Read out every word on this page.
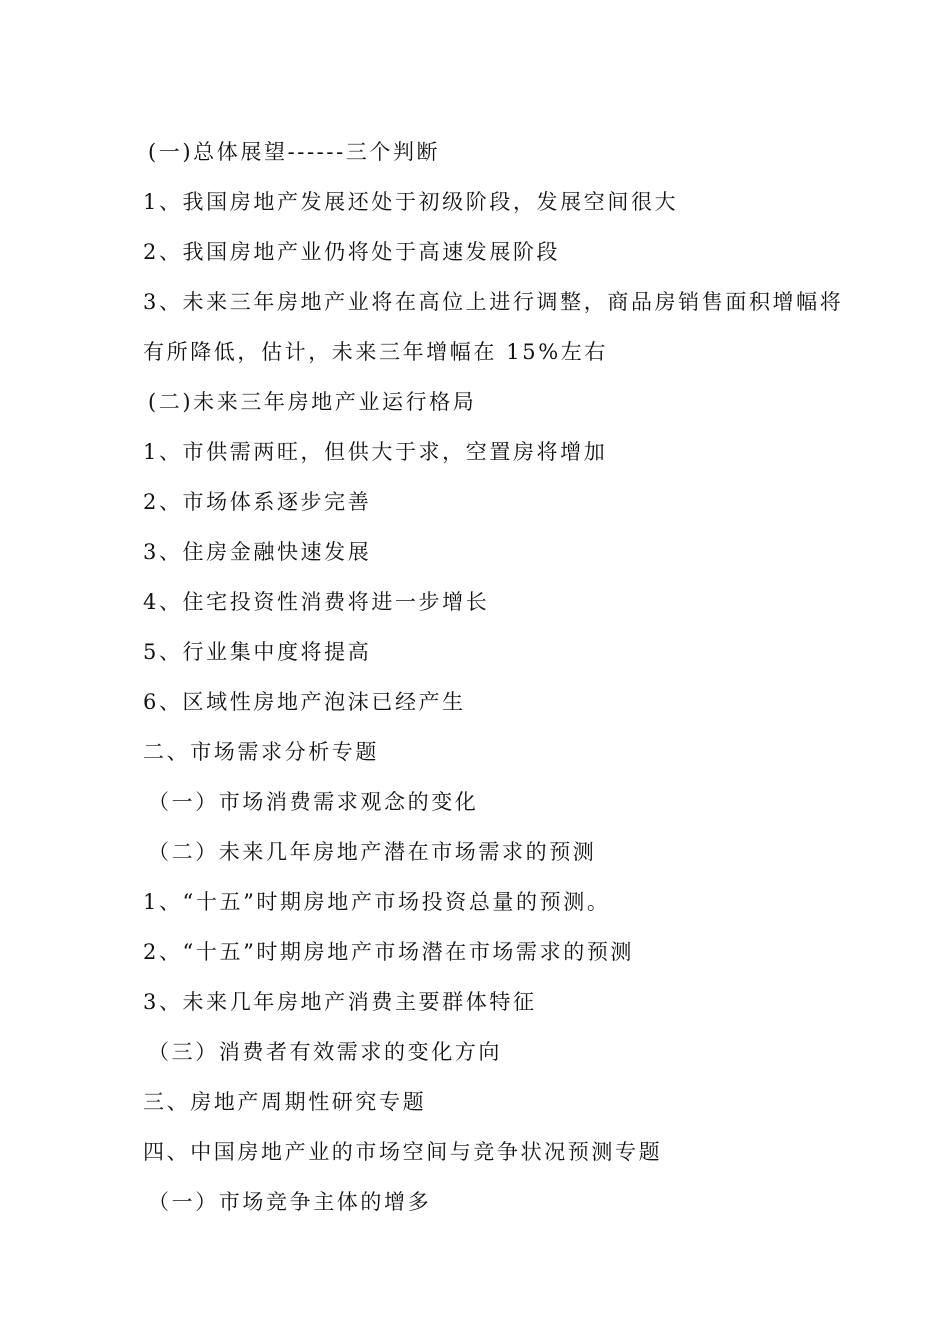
(一)总体展望------三个判断
1、我国房地产发展还处于初级阶段，发展空间很大
2、我国房地产业仍将处于高速发展阶段
3、未来三年房地产业将在高位上进行调整，商品房销售面积增幅将
有所降低，估计，未来三年增幅在 15%左右
(二)未来三年房地产业运行格局
1、市供需两旺，但供大于求，空置房将增加
2、市场体系逐步完善
3、住房金融快速发展
4、住宅投资性消费将进一步增长
5、行业集中度将提高
6、区域性房地产泡沫已经产生
二、市场需求分析专题
（一）市场消费需求观念的变化
（二）未来几年房地产潜在市场需求的预测
1、“十五”时期房地产市场投资总量的预测。
2、“十五”时期房地产市场潜在市场需求的预测
3、未来几年房地产消费主要群体特征
（三）消费者有效需求的变化方向
三、房地产周期性研究专题
四、中国房地产业的市场空间与竞争状况预测专题
（一）市场竞争主体的增多
